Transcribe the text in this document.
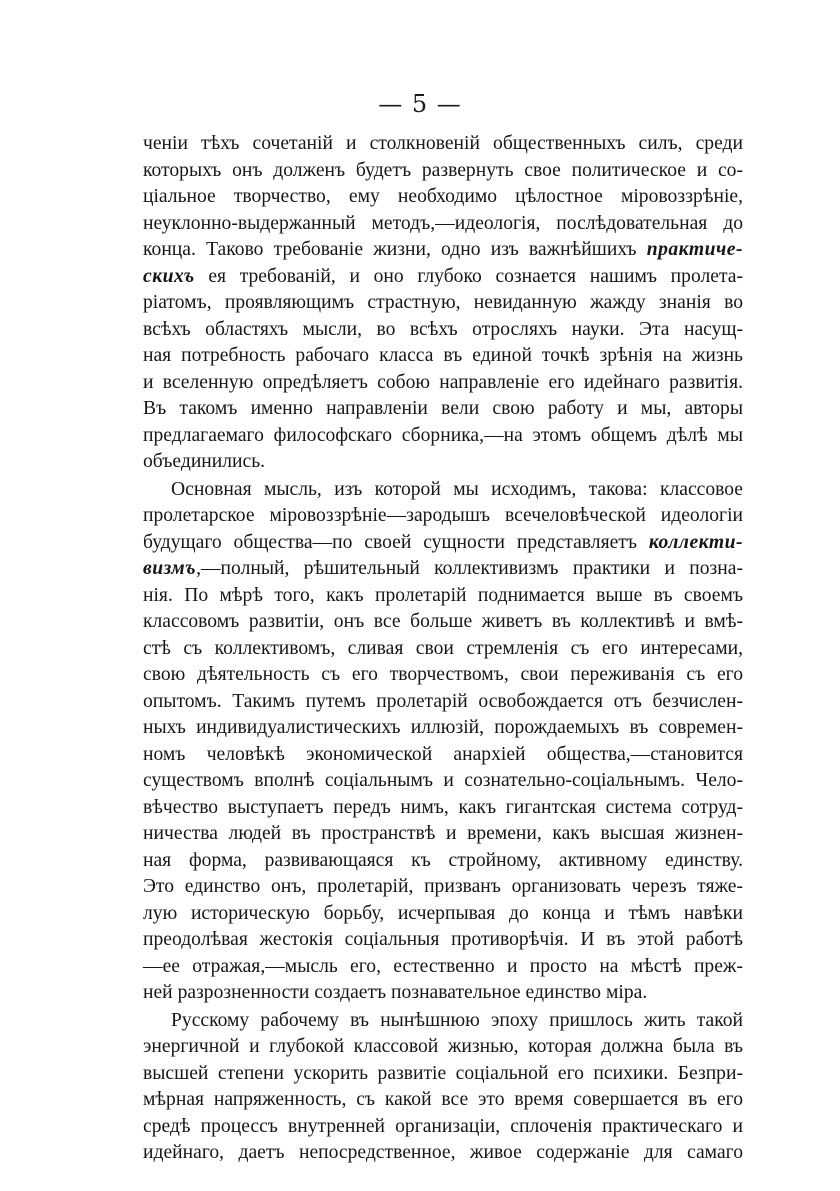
— 5 —
ченiи тѣхъ сочетанiй и столкновенiй общественныхъ силъ, среди
которыхъ онъ долженъ будетъ развернуть свое политическое и со-
цiальное творчество, ему необходимо цѣлостное мiровоззрѣнiе,
неуклонно-выдержанный методъ,—идеологiя, послѣдовательная до
конца. Таково требованiе жизни, одно изъ важнѣйшихъ практиче-
скихъ ея требованiй, и оно глубоко сознается нашимъ пролета-
рiатомъ, проявляющимъ страстную, невиданную жажду знанiя во
всѣхъ областяхъ мысли, во всѣхъ отросляхъ науки. Эта насущ-
ная потребность рабочаго класса въ единой точкѣ зрѣнiя на жизнь
и вселенную опредѣляетъ собою направленiе его идейнаго развитiя.
Въ такомъ именно направленiи вели свою работу и мы, авторы
предлагаемаго философскаго сборника,—на этомъ общемъ дѣлѣ мы
объединились.
Основная мысль, изъ которой мы исходимъ, такова: классовое
пролетарское мiровоззрѣнiе—зародышъ всечеловѣческой идеологiи
будущаго общества—по своей сущности представляетъ коллекти-
визмъ,—полный, рѣшительный коллективизмъ практики и позна-
нiя. По мѣрѣ того, какъ пролетарiй поднимается выше въ своемъ
классовомъ развитiи, онъ все больше живетъ въ коллективѣ и вмѣ-
стѣ съ коллективомъ, сливая свои стремленiя съ его интересами,
свою дѣятельность съ его творчествомъ, свои переживанiя съ его
опытомъ. Такимъ путемъ пролетарiй освобождается отъ безчислен-
ныхъ индивидуалистическихъ иллюзiй, порождаемыхъ въ современ-
номъ человѣкѣ экономической анархiей общества,—становится
существомъ вполнѣ соцiальнымъ и сознательно-соцiальнымъ. Чело-
вѣчество выступаетъ передъ нимъ, какъ гигантская система сотруд-
ничества людей въ пространствѣ и времени, какъ высшая жизнен-
ная форма, развивающаяся къ стройному, активному единству.
Это единство онъ, пролетарiй, призванъ организовать черезъ тяже-
лую историческую борьбу, исчерпывая до конца и тѣмъ навѣки
преодолѣвая жестокiя соцiальныя противорѣчiя. И въ этой работѣ
—ее отражая,—мысль его, естественно и просто на мѣстѣ преж-
ней разрозненности создаетъ познавательное единство мiра.
Русскому рабочему въ нынѣшнюю эпоху пришлось жить такой
энергичной и глубокой классовой жизнью, которая должна была въ
высшей степени ускорить развитiе соцiальной его психики. Безпри-
мѣрная напряженность, съ какой все это время совершается въ его
средѣ процессъ внутренней организацiи, сплоченiя практическаго и
идейнаго, даетъ непосредственное, живое содержанiе для самаго
